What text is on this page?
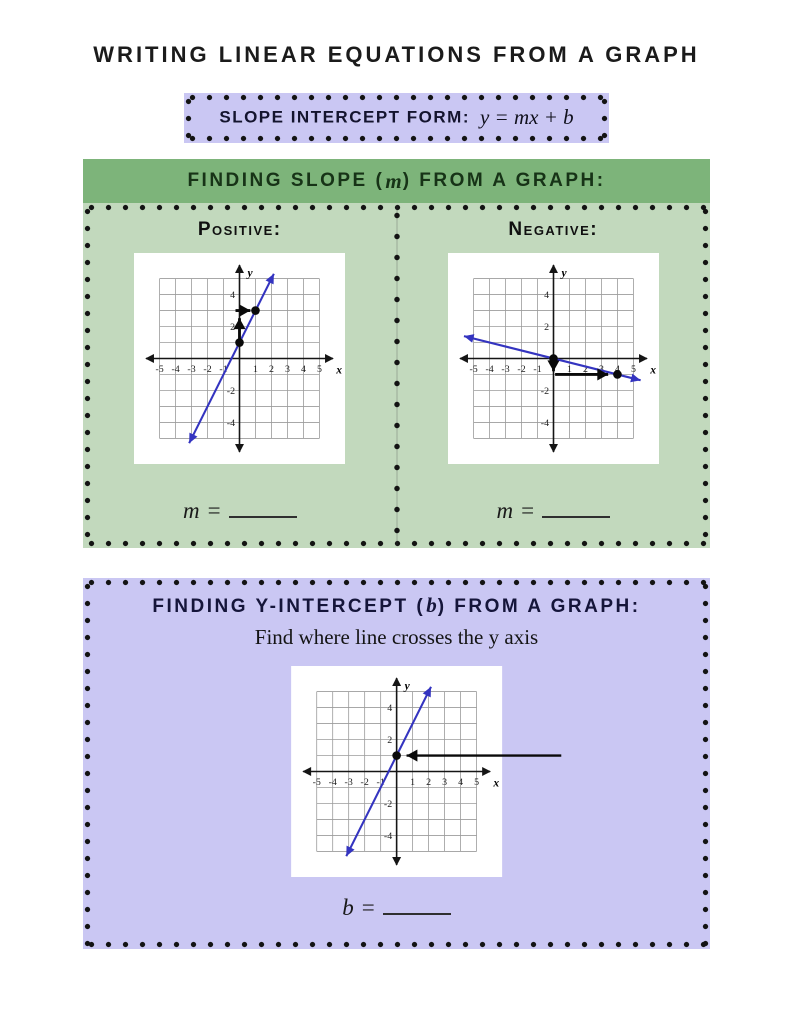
WRITING LINEAR EQUATIONS FROM A GRAPH
SLOPE INTERCEPT FORM: y = mx + b
FINDING SLOPE ( m ) FROM A GRAPH:
Positive:
m =
Negative:
m =
FINDING Y-INTERCEPT (b) FROM A GRAPH:
Find where line crosses the y axis
b =
